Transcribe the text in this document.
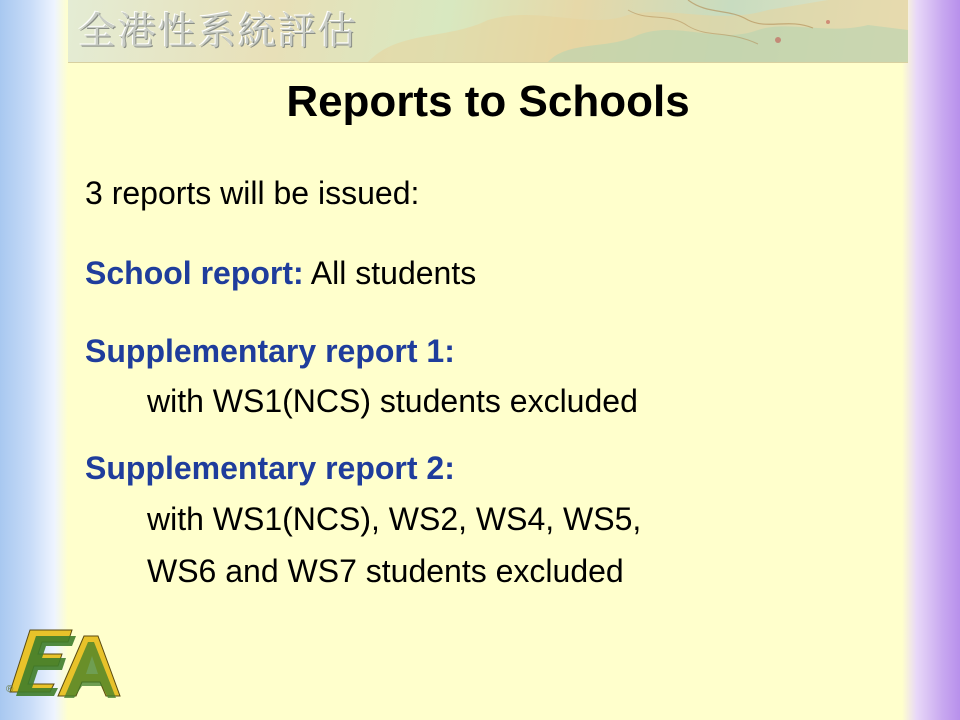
全港性系統評估
Reports to Schools
3 reports will be issued:
School report: All students
Supplementary report 1:
with WS1(NCS) students excluded
Supplementary report 2:
with WS1(NCS), WS2, WS4, WS5,
WS6 and WS7 students excluded
®
